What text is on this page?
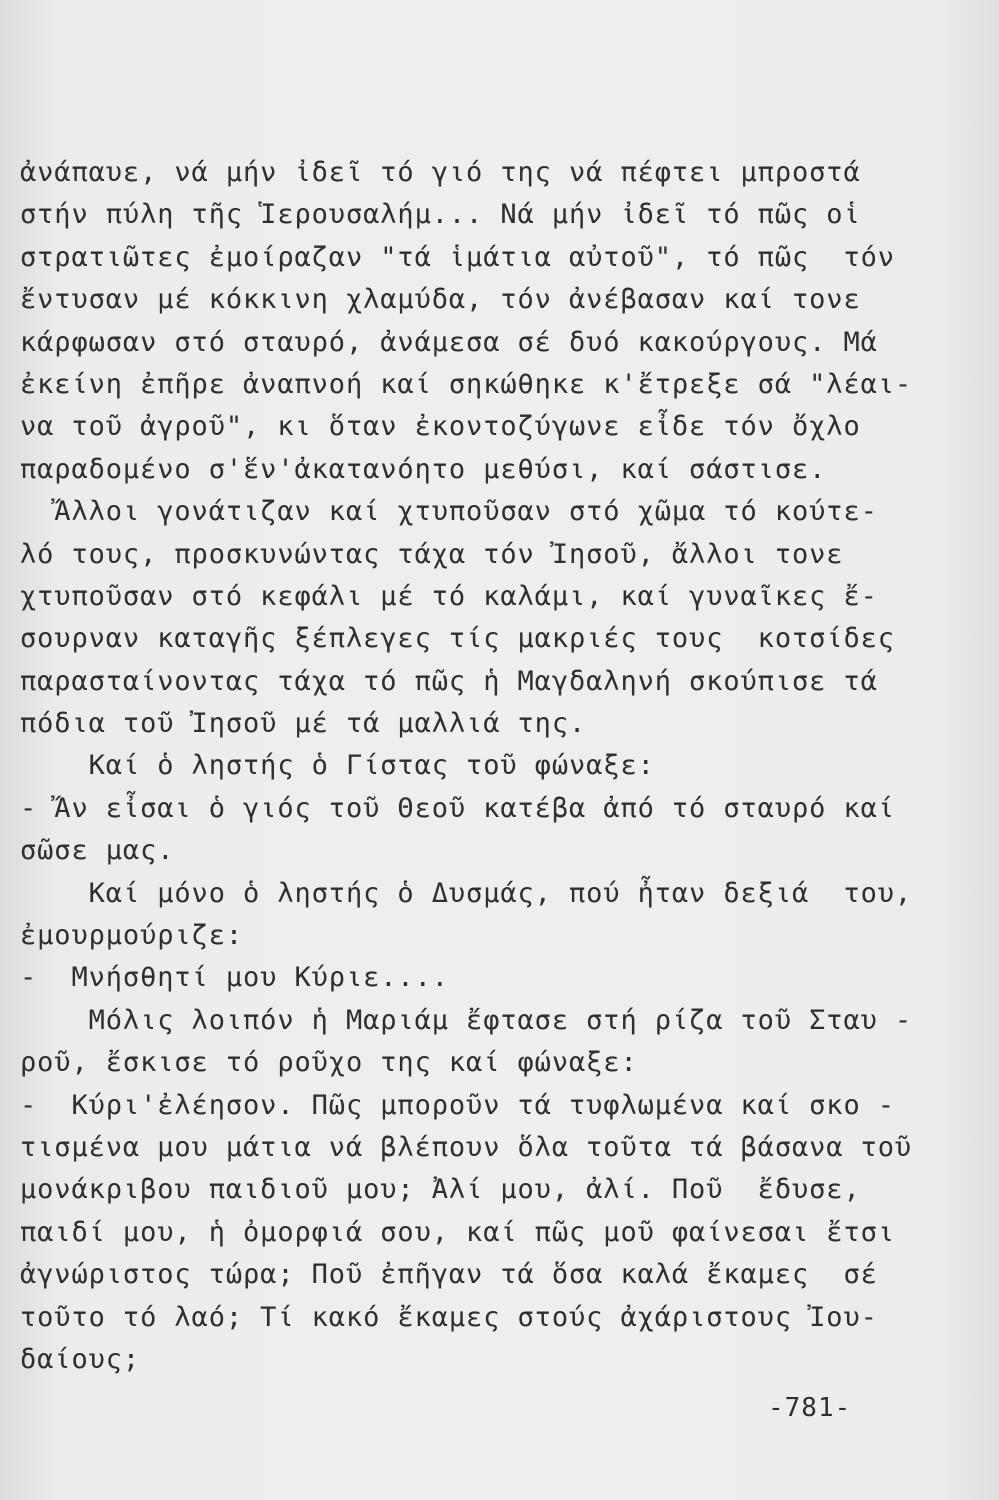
ἀνάπαυε, νά μήν ἰδεῖ τό γιό της νά πέφτει μπροστά
στήν πύλη τῆς Ἱερουσαλήμ... Νά μήν ἰδεῖ τό πῶς οἱ
στρατιῶτες ἐμοίραζαν "τά ἱμάτια αὐτοῦ", τό πῶς  τόν
ἔντυσαν μέ κόκκινη χλαμύδα, τόν ἀνέβασαν καί τονε
κάρφωσαν στό σταυρό, ἀνάμεσα σέ δυό κακούργους. Μά
ἐκείνη ἐπῆρε ἀναπνοή καί σηκώθηκε κ'ἔτρεξε σά "λέαι-
να τοῦ ἀγροῦ", κι ὅταν ἐκοντοζύγωνε εἶδε τόν ὄχλο
παραδομένο σ'ἕν'ἀκατανόητο μεθύσι, καί σάστισε.
Ἄλλοι γονάτιζαν καί χτυποῦσαν στό χῶμα τό κούτε-
λό τους, προσκυνώντας τάχα τόν Ἰησοῦ, ἄλλοι τονε
χτυποῦσαν στό κεφάλι μέ τό καλάμι, καί γυναῖκες ἔ-
σουρναν καταγῆς ξέπλεγες τίς μακριές τους  κοτσίδες
παρασταίνοντας τάχα τό πῶς ἡ Μαγδαληνή σκούπισε τά
πόδια τοῦ Ἰησοῦ μέ τά μαλλιά της.
Καί ὁ ληστής ὁ Γίστας τοῦ φώναξε:
- Ἄν εἶσαι ὁ γιός τοῦ Θεοῦ κατέβα ἀπό τό σταυρό καί
σῶσε μας.
Καί μόνο ὁ ληστής ὁ Δυσμάς, πού ἦταν δεξιά  του,
ἐμουρμούριζε:
-  Μνήσθητί μου Κύριε....
Μόλις λοιπόν ἡ Μαριάμ ἔφτασε στή ρίζα τοῦ Σταυ -
ροῦ, ἔσκισε τό ροῦχο της καί φώναξε:
-  Κύρι'ἐλέησον. Πῶς μποροῦν τά τυφλωμένα καί σκο -
τισμένα μου μάτια νά βλέπουν ὅλα τοῦτα τά βάσανα τοῦ
μονάκριβου παιδιοῦ μου; Ἀλί μου, ἀλί. Ποῦ  ἔδυσε,
παιδί μου, ἡ ὀμορφιά σου, καί πῶς μοῦ φαίνεσαι ἔτσι
ἀγνώριστος τώρα; Ποῦ ἐπῆγαν τά ὅσα καλά ἔκαμες  σέ
τοῦτο τό λαό; Τί κακό ἔκαμες στούς ἀχάριστους Ἰου-
δαίους;
-781-
